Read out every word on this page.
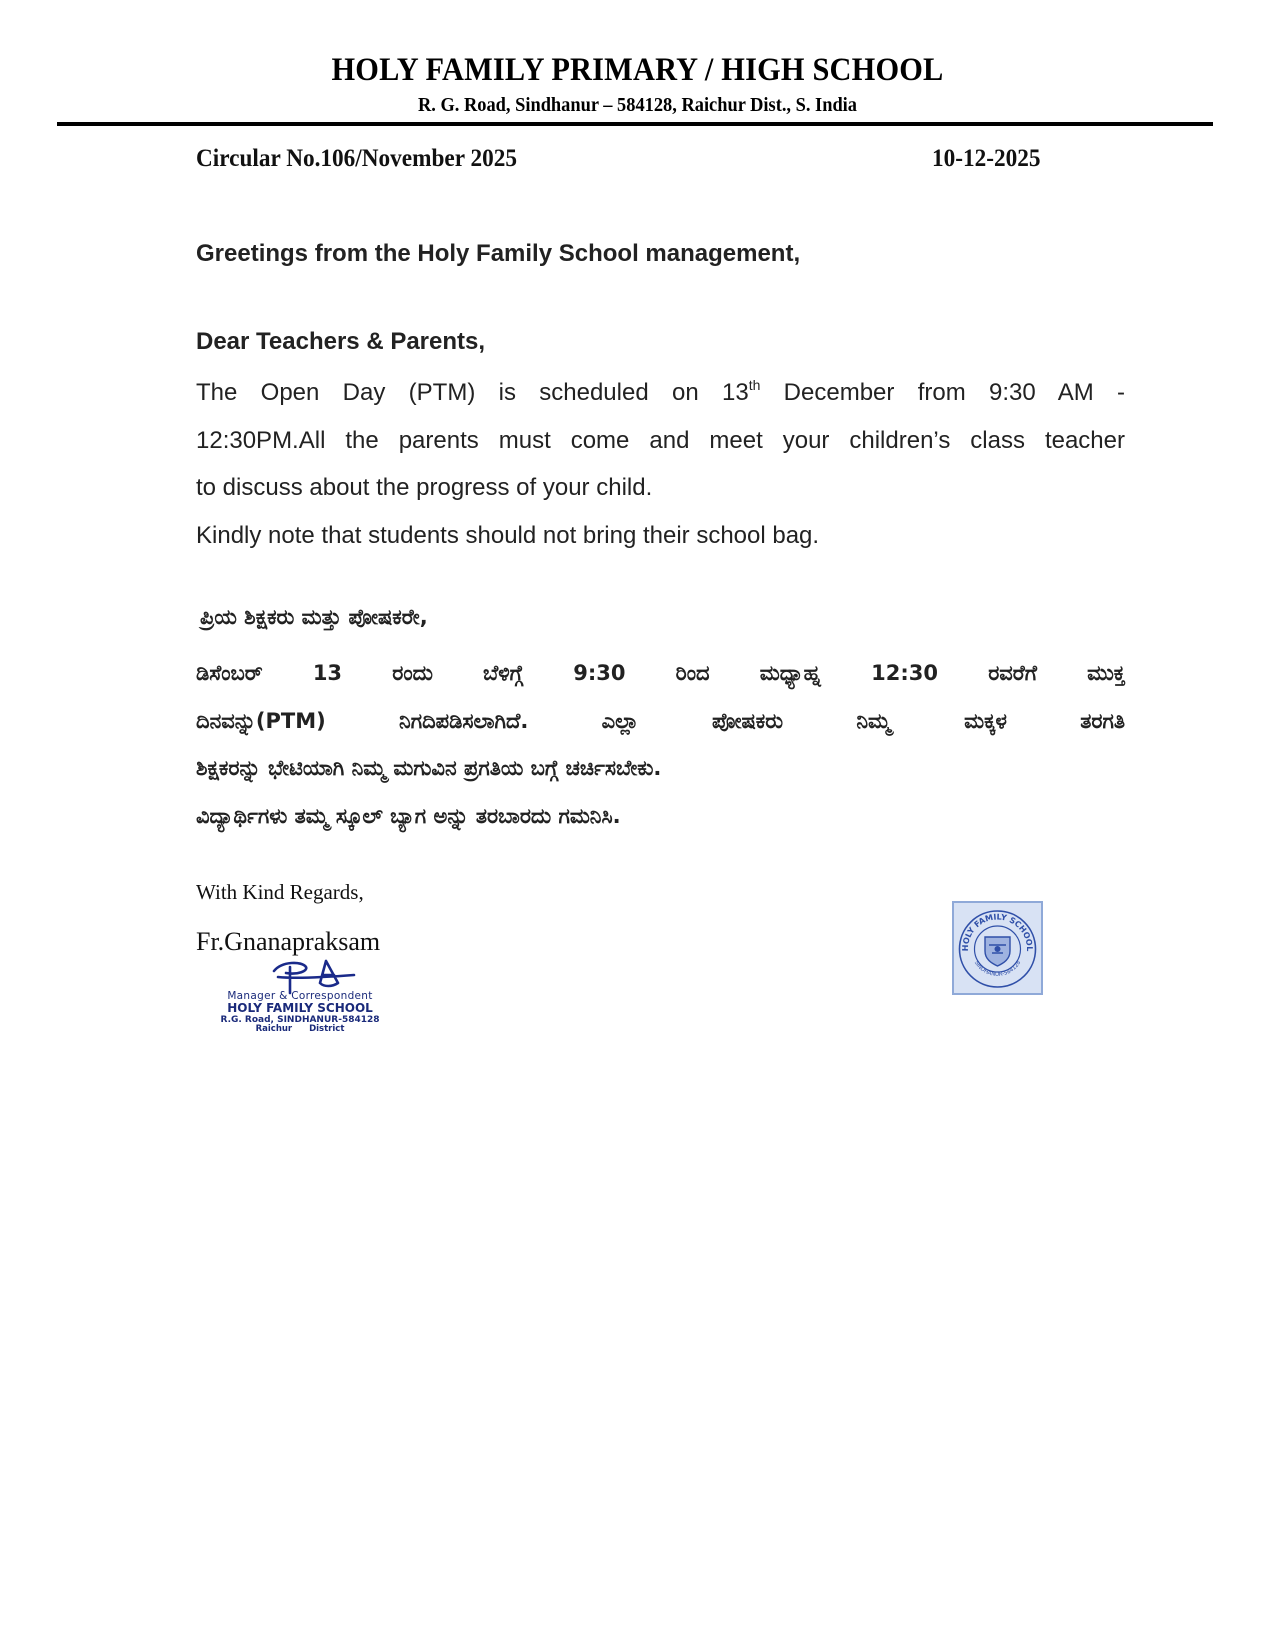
HOLY FAMILY PRIMARY / HIGH SCHOOL
R. G. Road, Sindhanur – 584128, Raichur Dist., S. India
Circular No.106/November 2025	10-12-2025
Greetings from the Holy Family School management,
Dear Teachers & Parents,
The Open Day (PTM) is scheduled on 13th December from 9:30 AM -
12:30PM.All the parents must come and meet your children’s class teacher
to discuss about the progress of your child.
Kindly note that students should not bring their school bag.
ಪ್ರಿಯ ಶಿಕ್ಷಕರು ಮತ್ತು ಪೋಷಕರೇ,
ಡಿಸೆಂಬರ್ 13 ರಂದು ಬೆಳಿಗ್ಗೆ 9:30 ರಿಂದ ಮಧ್ಯಾಹ್ನ 12:30 ರವರೆಗೆ ಮುಕ್ತ
ದಿನವನ್ನು(PTM) ನಿಗದಿಪಡಿಸಲಾಗಿದೆ. ಎಲ್ಲಾ ಪೋಷಕರು ನಿಮ್ಮ ಮಕ್ಕಳ ತರಗತಿ
ಶಿಕ್ಷಕರನ್ನು ಭೇಟಿಯಾಗಿ ನಿಮ್ಮ ಮಗುವಿನ ಪ್ರಗತಿಯ ಬಗ್ಗೆ ಚರ್ಚಿಸಬೇಕು.
ವಿದ್ಯಾರ್ಥಿಗಳು ತಮ್ಮ ಸ್ಕೂಲ್ ಬ್ಯಾಗ ಅನ್ನು ತರಬಾರದು ಗಮನಿಸಿ.
With Kind Regards,
Fr.Gnanapraksam
Manager & Correspondent
HOLY FAMILY SCHOOL
R.G. Road, SINDHANUR-584128
Raichur District
HOLY FAMILY SCHOOL
SINDHANUR-584128
